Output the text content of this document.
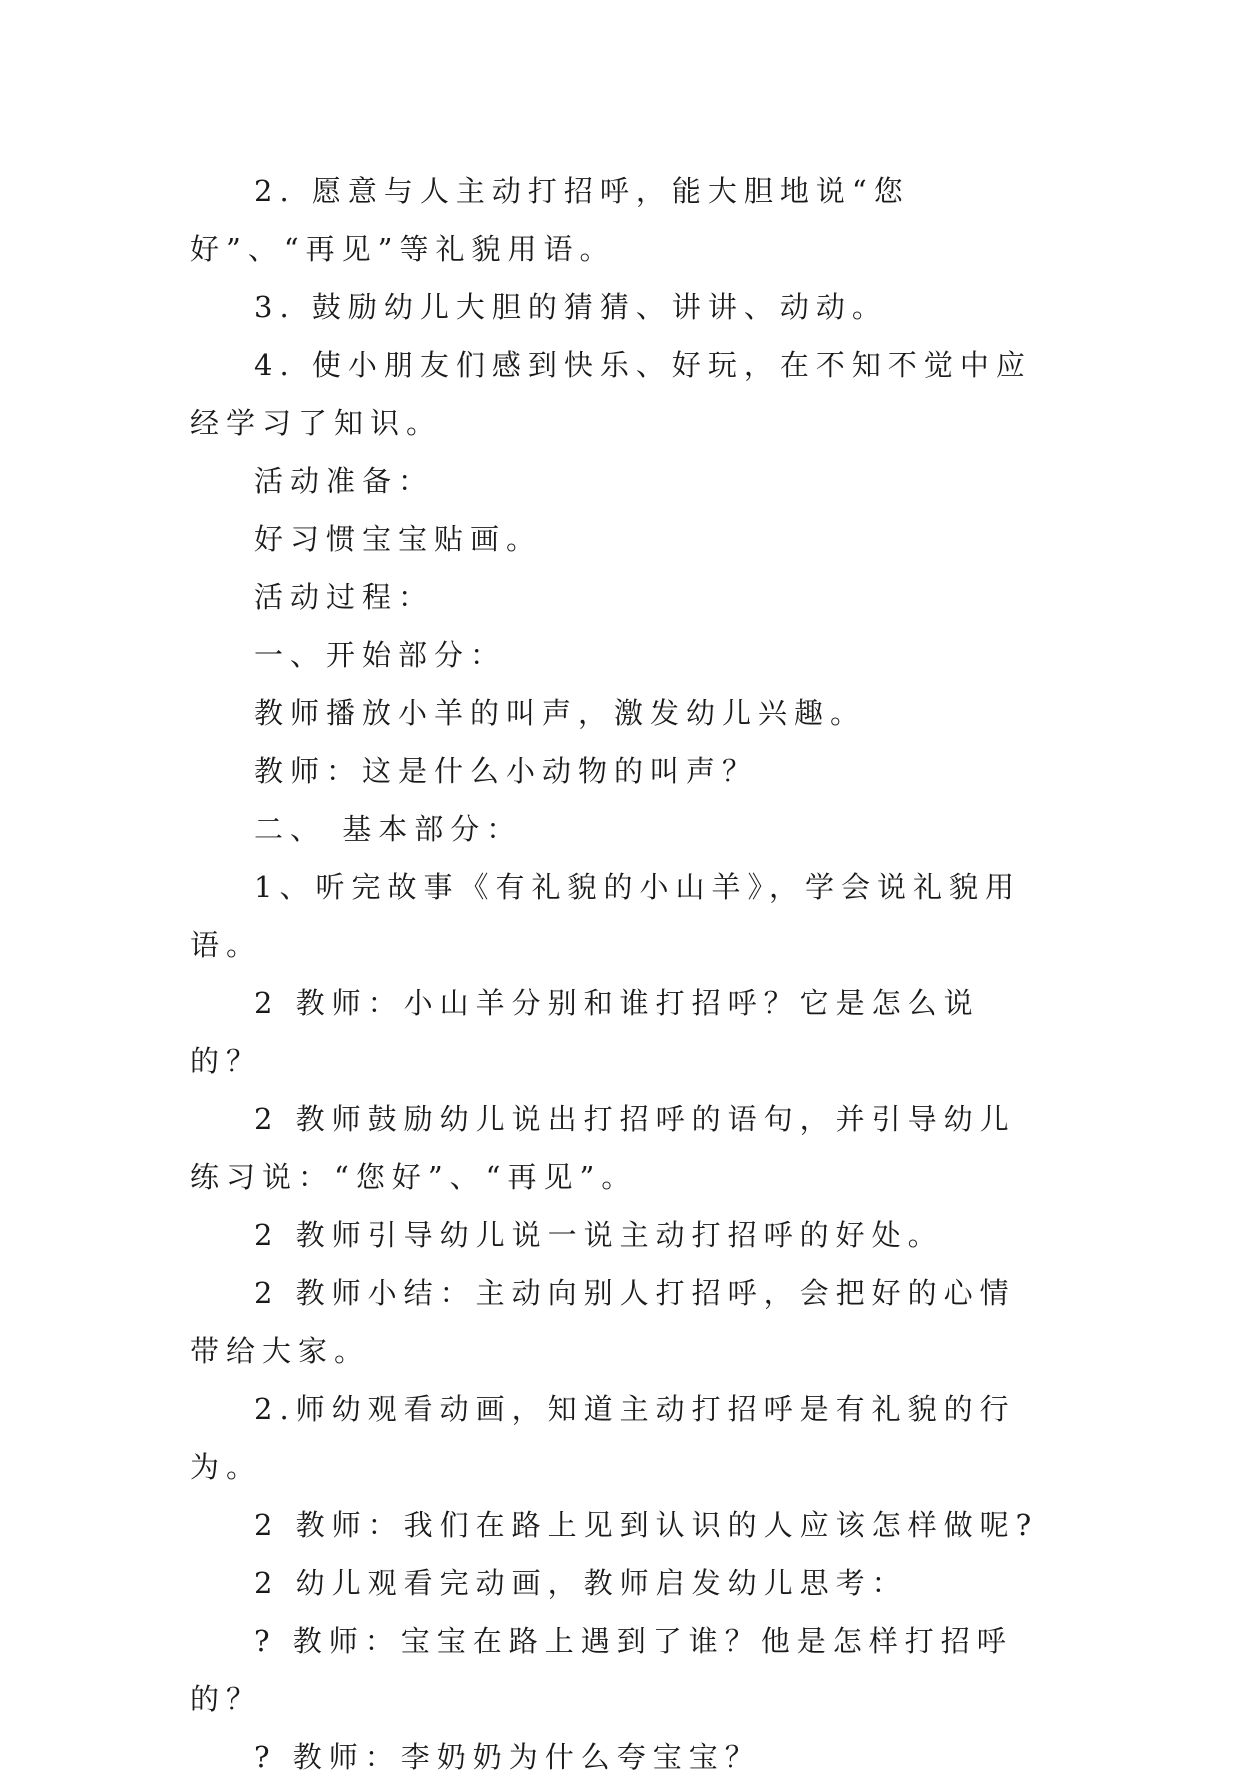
2. 愿意与人主动打招呼，能大胆地说“您好”、“再见”等礼貌用语。

3. 鼓励幼儿大胆的猜猜、讲讲、动动。

4. 使小朋友们感到快乐、好玩，在不知不觉中应经学习了知识。

活动准备：

好习惯宝宝贴画。

活动过程：

一、开始部分：

教师播放小羊的叫声，激发幼儿兴趣。

教师：这是什么小动物的叫声？

二、 基本部分：

1、听完故事《有礼貌的小山羊》，学会说礼貌用语。

2 教师：小山羊分别和谁打招呼？它是怎么说的？

2 教师鼓励幼儿说出打招呼的语句，并引导幼儿练习说：“您好”、“再见”。

2 教师引导幼儿说一说主动打招呼的好处。

2 教师小结：主动向别人打招呼，会把好的心情带给大家。

2.师幼观看动画，知道主动打招呼是有礼貌的行为。

2 教师：我们在路上见到认识的人应该怎样做呢?

2 幼儿观看完动画，教师启发幼儿思考：

? 教师：宝宝在路上遇到了谁？他是怎样打招呼的？

? 教师：李奶奶为什么夸宝宝？
